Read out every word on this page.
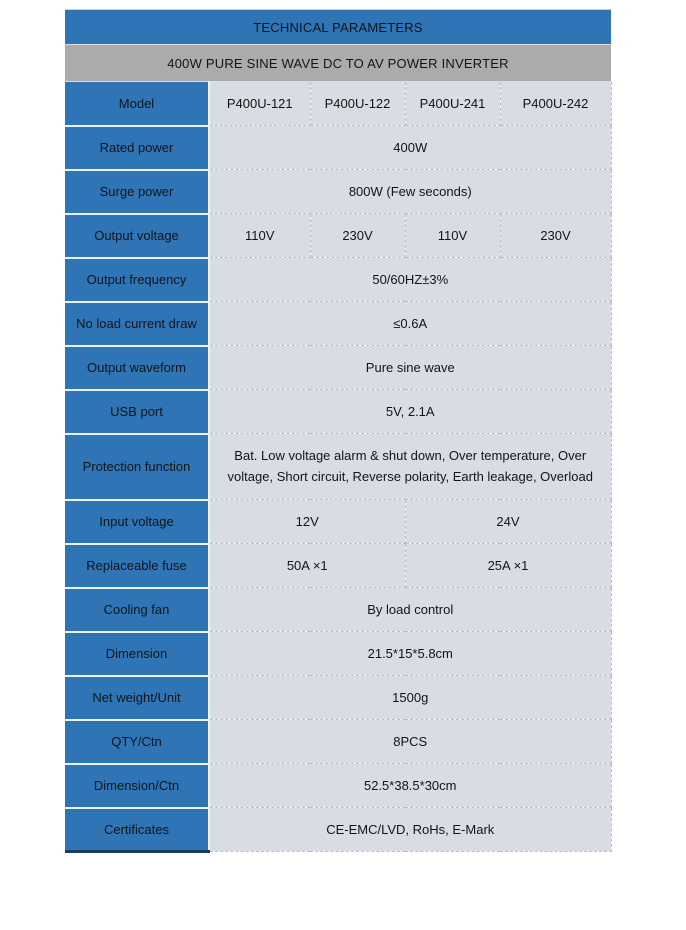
TECHNICAL PARAMETERS				
400W PURE SINE WAVE DC TO AV POWER INVERTER				
Model	P400U-121	P400U-122	P400U-241	P400U-242
Rated power	400W			
Surge power	800W (Few seconds)			
Output voltage	110V	230V	110V	230V
Output frequency	50/60HZ±3%			
No load current draw	≤0.6A			
Output waveform	Pure sine wave			
USB port	5V, 2.1A			
Protection function	Bat. Low voltage alarm & shut down, Over temperature, Over voltage, Short circuit, Reverse polarity, Earth leakage, Overload			
Input voltage	12V		24V	
Replaceable fuse	50A ×1		25A ×1	
Cooling fan	By load control			
Dimension	21.5*15*5.8cm			
Net weight/Unit	1500g			
QTY/Ctn	8PCS			
Dimension/Ctn	52.5*38.5*30cm			
Certificates	CE-EMC/LVD, RoHs, E-Mark			
